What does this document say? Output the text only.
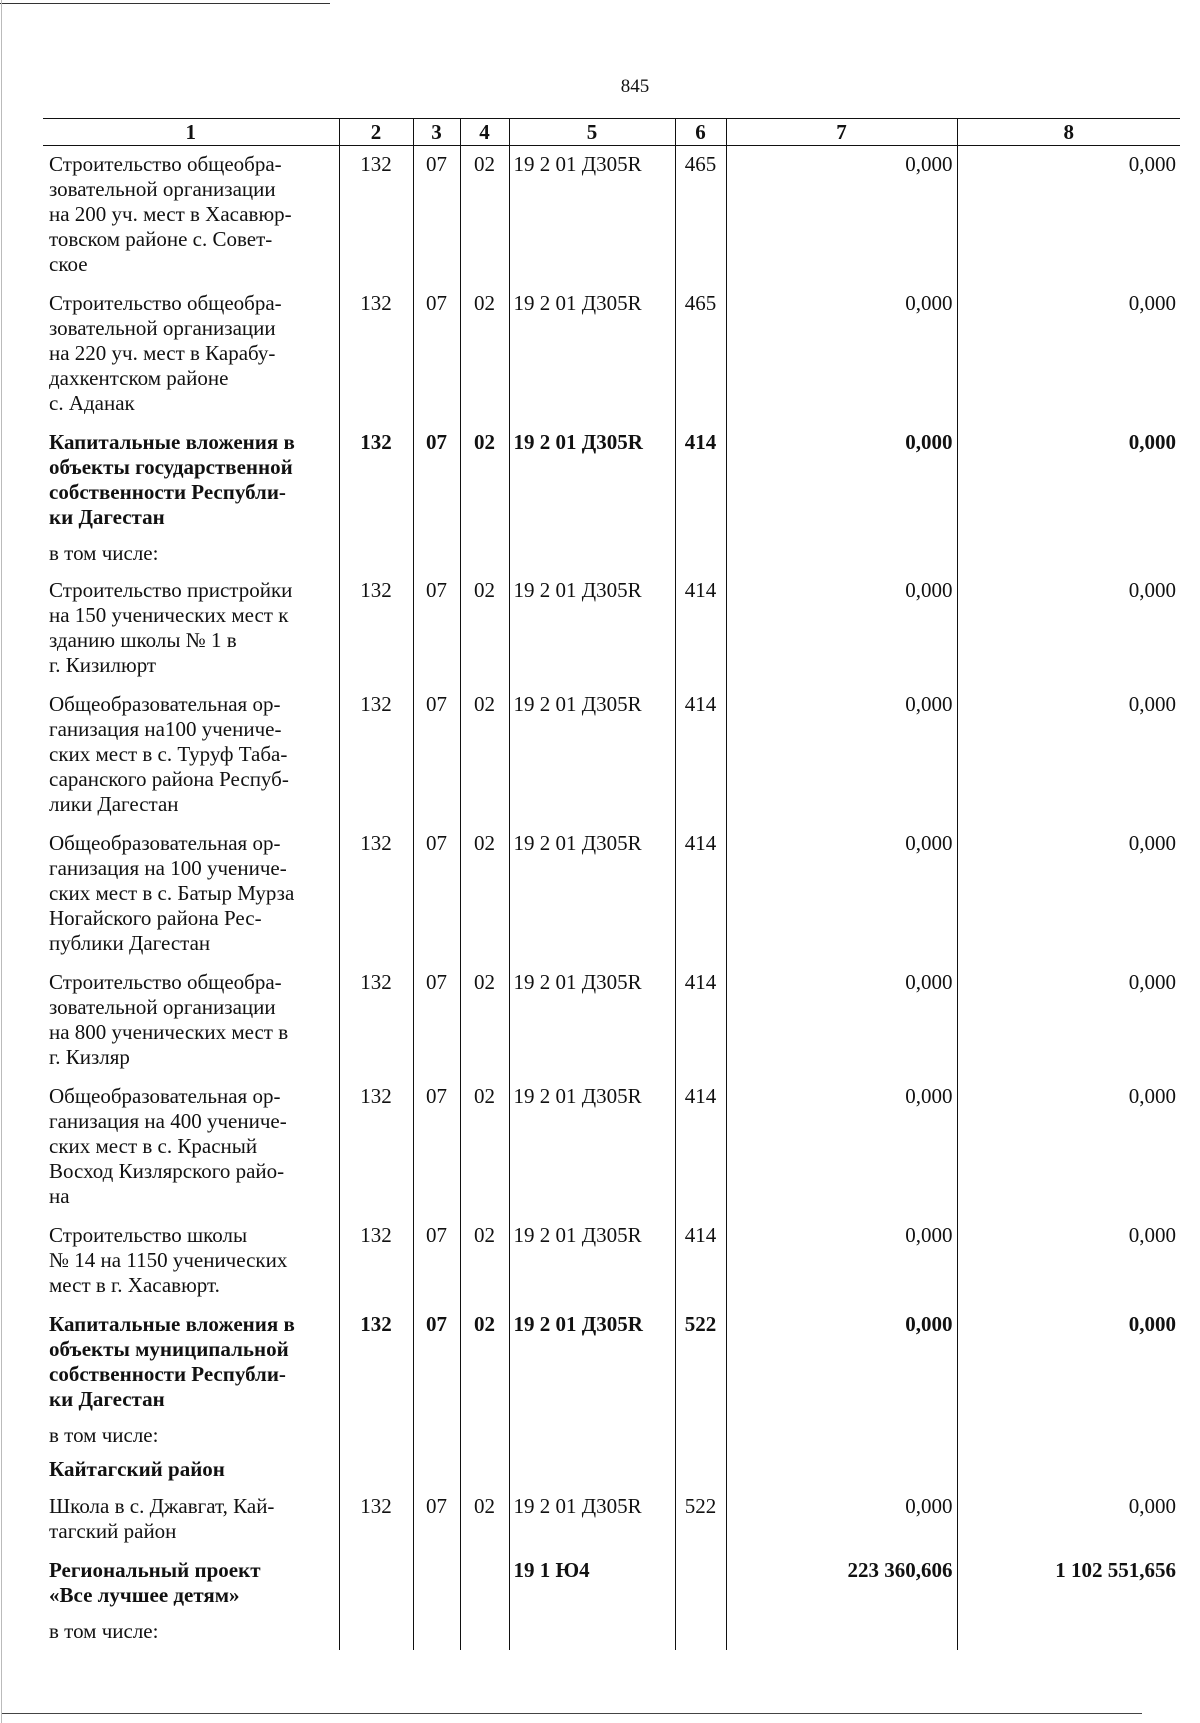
845
1	2	3	4	5	6	7	8
Строительство общеобра-
зовательной организации
на 200 уч. мест в Хасавюр-
товском районе с. Совет-
ское	132	07	02	19 2 01 Д305R	465	0,000	0,000
Строительство общеобра-
зовательной организации
на 220 уч. мест в Карабу-
дахкентском районе
с. Аданак	132	07	02	19 2 01 Д305R	465	0,000	0,000
Капитальные вложения в
объекты государственной
собственности Республи-
ки Дагестан	132	07	02	19 2 01 Д305R	414	0,000	0,000
в том числе:							
Строительство пристройки
на 150 ученических мест к
зданию школы № 1 в
г. Кизилюрт	132	07	02	19 2 01 Д305R	414	0,000	0,000
Общеобразовательная ор-
ганизация на100 учениче-
ских мест в с. Туруф Таба-
саранского района Респуб-
лики Дагестан	132	07	02	19 2 01 Д305R	414	0,000	0,000
Общеобразовательная ор-
ганизация на 100 учениче-
ских мест в с. Батыр Мурза
Ногайского района Рес-
публики Дагестан	132	07	02	19 2 01 Д305R	414	0,000	0,000
Строительство общеобра-
зовательной организации
на 800 ученических мест в
г. Кизляр	132	07	02	19 2 01 Д305R	414	0,000	0,000
Общеобразовательная ор-
ганизация на 400 учениче-
ских мест в с. Красный
Восход Кизлярского райо-
на	132	07	02	19 2 01 Д305R	414	0,000	0,000
Строительство школы
№ 14 на 1150 ученических
мест в г. Хасавюрт.	132	07	02	19 2 01 Д305R	414	0,000	0,000
Капитальные вложения в
объекты муниципальной
собственности Республи-
ки Дагестан	132	07	02	19 2 01 Д305R	522	0,000	0,000
в том числе:							
Кайтагский район							
Школа в с. Джавгат, Кай-
тагский район	132	07	02	19 2 01 Д305R	522	0,000	0,000
Региональный проект
«Все лучшее детям»				19 1 Ю4		223 360,606	1 102 551,656
в том числе:							
